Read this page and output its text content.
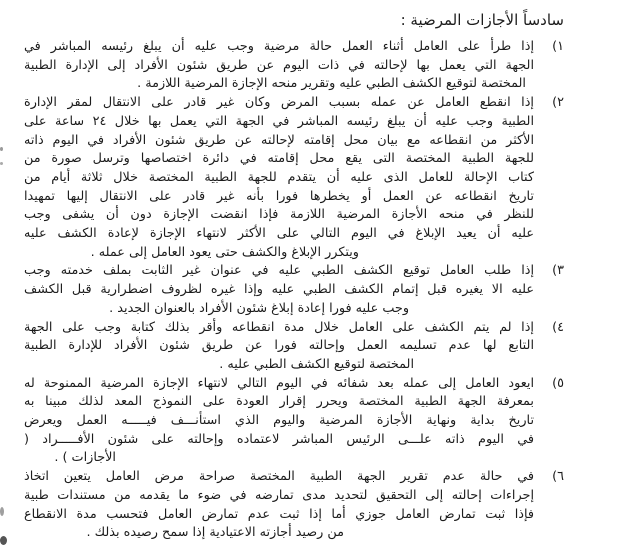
سادساً الأجازات المرضية :
١)
إذا طرأ على العامل أثناء العمل حالة مرضية وجب عليه أن يبلغ رئيسه المباشر في
الجهة التي يعمل بها لإحالته في ذات اليوم عن طريق شئون الأفراد إلى الإدارة الطبية
المختصة لتوقيع الكشف الطبي عليه وتقرير منحه الإجازة المرضية اللازمة .
٢)
إذا انقطع العامل عن عمله بسبب المرض وكان غير قادر على الانتقال لمقر الإدارة
الطبية وجب عليه أن يبلغ رئيسه المباشر في الجهة التي يعمل بها خلال ٢٤ ساعة على
الأكثر من انقطاعه مع بيان محل إقامته لإحالته عن طريق شئون الأفراد في اليوم ذاته
للجهة الطبية المختصة التى يقع محل إقامته في دائرة اختصاصها وترسل صورة من
كتاب الإحالة للعامل الذى عليه أن يتقدم للجهة الطبية المختصة خلال ثلاثة أيام من
تاريخ انقطاعه عن العمل أو يخطرها فورا بأنه غير قادر على الانتقال إليها تمهيدا
للنظر في منحه الأجازة المرضية اللازمة فإذا انقضت الإجازة دون أن يشفى وجب
عليه أن يعيد الإبلاغ في اليوم التالي على الأكثر لانتهاء الإجازة لإعادة الكشف عليه
ويتكرر الإبلاغ والكشف حتى يعود العامل إلى عمله .
٣)
إذا طلب العامل توقيع الكشف الطبي عليه في عنوان غير الثابت بملف خدمته وجب
عليه الا يغيره قبل إتمام الكشف الطبي عليه وإذا غيره لظروف اضطرارية قبل الكشف
وجب عليه فورا إعادة إبلاغ شئون الأفراد بالعنوان الجديد .
٤)
إذا لم يتم الكشف على العامل خلال مدة انقطاعه وأقر بذلك كتابة وجب على الجهة
التابع لها عدم تسليمه العمل وإحالته فورا عن طريق شئون الأفراد للإدارة الطبية
المختصة لتوقيع الكشف الطبي عليه .
٥)
ايعود العامل إلى عمله بعد شفائه في اليوم التالي لانتهاء الإجازة المرضية الممنوحة له
بمعرفة الجهة الطبية المختصة ويحرر إقرار العودة على النموذج المعد لذلك مبينا به
تاريخ بداية ونهاية الأجازة المرضية واليوم الذي استأنـــف فيـــــه العمل ويعرض
في اليوم ذاته علـــى الرئيس المباشر لاعتماده وإحالته على شئون الأفـــــراد (
الأجازات ) .
٦)
في حالة عدم تقرير الجهة الطبية المختصة صراحة مرض العامل يتعين اتخاذ
إجراءات إحالته إلى التحقيق لتحديد مدى تمارضه في ضوء ما يقدمه من مستندات طبية
فإذا ثبت تمارض العامل جوزي أما إذا ثبت عدم تمارض العامل فتحسب مدة الانقطاع
من رصيد أجازته الاعتيادية إذا سمح رصيده بذلك .
